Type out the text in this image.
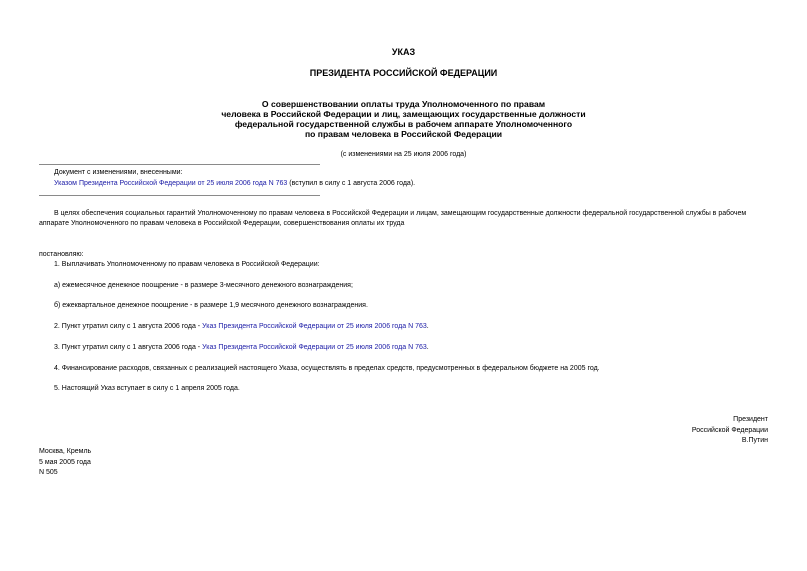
УКАЗ
ПРЕЗИДЕНТА РОССИЙСКОЙ ФЕДЕРАЦИИ
О совершенствовании оплаты труда Уполномоченного по правам
человека в Российской Федерации и лиц, замещающих государственные должности
федеральной государственной службы в рабочем аппарате Уполномоченного
по правам человека в Российской Федерации
(с изменениями на 25 июля 2006 года)
Документ с изменениями, внесенными:
Указом Президента Российской Федерации от 25 июля 2006 года N 763 (вступил в силу с 1 августа 2006 года).
В целях обеспечения социальных гарантий Уполномоченному по правам человека в Российской Федерации и лицам, замещающим государственные должности федеральной государственной службы в рабочем
аппарате Уполномоченного по правам человека в Российской Федерации, совершенствования оплаты их труда
постановляю:
1. Выплачивать Уполномоченному по правам человека в Российской Федерации:
а) ежемесячное денежное поощрение - в размере 3-месячного денежного вознаграждения;
б) ежеквартальное денежное поощрение - в размере 1,9 месячного денежного вознаграждения.
2. Пункт утратил силу с 1 августа 2006 года - Указ Президента Российской Федерации от 25 июля 2006 года N 763.
3. Пункт утратил силу с 1 августа 2006 года - Указ Президента Российской Федерации от 25 июля 2006 года N 763.
4. Финансирование расходов, связанных с реализацией настоящего Указа, осуществлять в пределах средств, предусмотренных в федеральном бюджете на 2005 год.
5. Настоящий Указ вступает в силу с 1 апреля 2005 года.
Президент
Российской Федерации
В.Путин
Москва, Кремль
5 мая 2005 года
N 505
